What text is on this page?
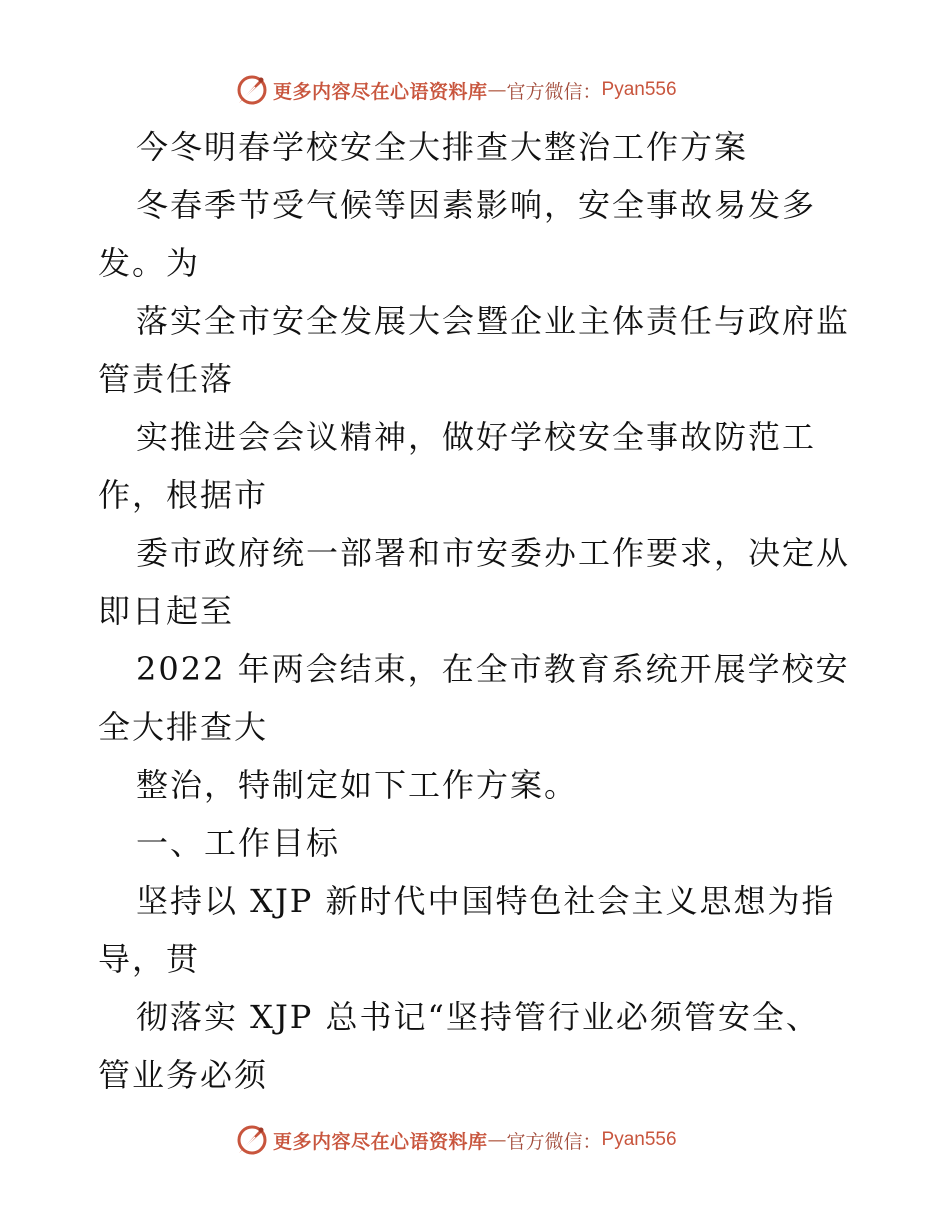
更多内容尽在心语资料库 — 官方微信： Pyan556
今冬明春学校安全大排查大整治工作方案
冬春季节受气候等因素影响，安全事故易发多
发。为
落实全市安全发展大会暨企业主体责任与政府监
管责任落
实推进会会议精神，做好学校安全事故防范工
作，根据市
委市政府统一部署和市安委办工作要求，决定从
即日起至
2022 年两会结束，在全市教育系统开展学校安
全大排查大
整治，特制定如下工作方案。
一、工作目标
坚持以 XJP 新时代中国特色社会主义思想为指
导，贯
彻落实 XJP 总书记“坚持管行业必须管安全、
管业务必须
更多内容尽在心语资料库 — 官方微信： Pyan556
